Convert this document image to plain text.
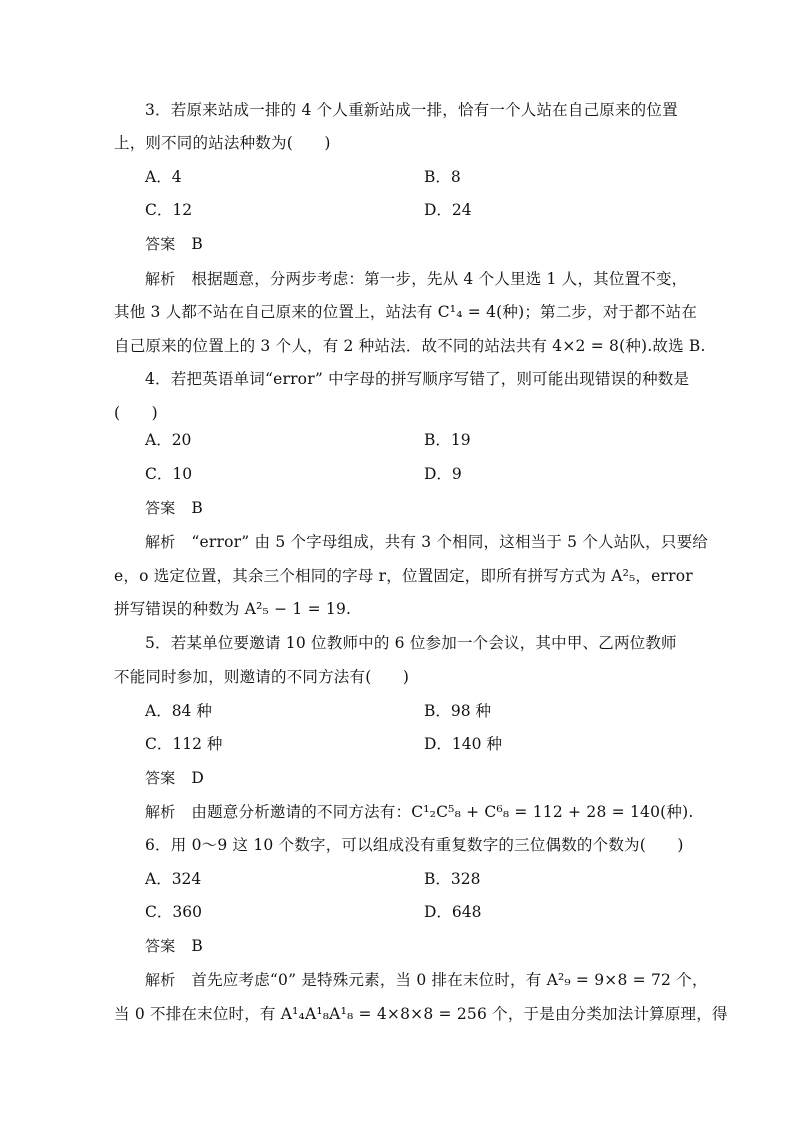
3．若原来站成一排的 4 个人重新站成一排，恰有一个人站在自己原来的位置
上，则不同的站法种数为(　　)
A．4	B．8
C．12	D．24
答案 B
解析 根据题意，分两步考虑：第一步，先从 4 个人里选 1 人，其位置不变，
其他 3 人都不站在自己原来的位置上，站法有 C¹₄ = 4(种)；第二步，对于都不站在
自己原来的位置上的 3 个人，有 2 种站法．故不同的站法共有 4×2 = 8(种).故选 B.
4．若把英语单词“error” 中字母的拼写顺序写错了，则可能出现错误的种数是
(　　)
A．20	B．19
C．10	D．9
答案 B
解析 “error” 由 5 个字母组成，共有 3 个相同，这相当于 5 个人站队，只要给
e，o 选定位置，其余三个相同的字母 r，位置固定，即所有拼写方式为 A²₅，error
拼写错误的种数为 A²₅ − 1 = 19.
5．若某单位要邀请 10 位教师中的 6 位参加一个会议，其中甲、乙两位教师
不能同时参加，则邀请的不同方法有(　　)
A．84 种	B．98 种
C．112 种	D．140 种
答案 D
解析 由题意分析邀请的不同方法有：C¹₂C⁵₈ + C⁶₈ = 112 + 28 = 140(种).
6．用 0～9 这 10 个数字，可以组成没有重复数字的三位偶数的个数为(　　)
A．324	B．328
C．360	D．648
答案 B
解析 首先应考虑“0” 是特殊元素，当 0 排在末位时，有 A²₉ = 9×8 = 72 个，
当 0 不排在末位时，有 A¹₄A¹₈A¹₈ = 4×8×8 = 256 个，于是由分类加法计算原理，得
